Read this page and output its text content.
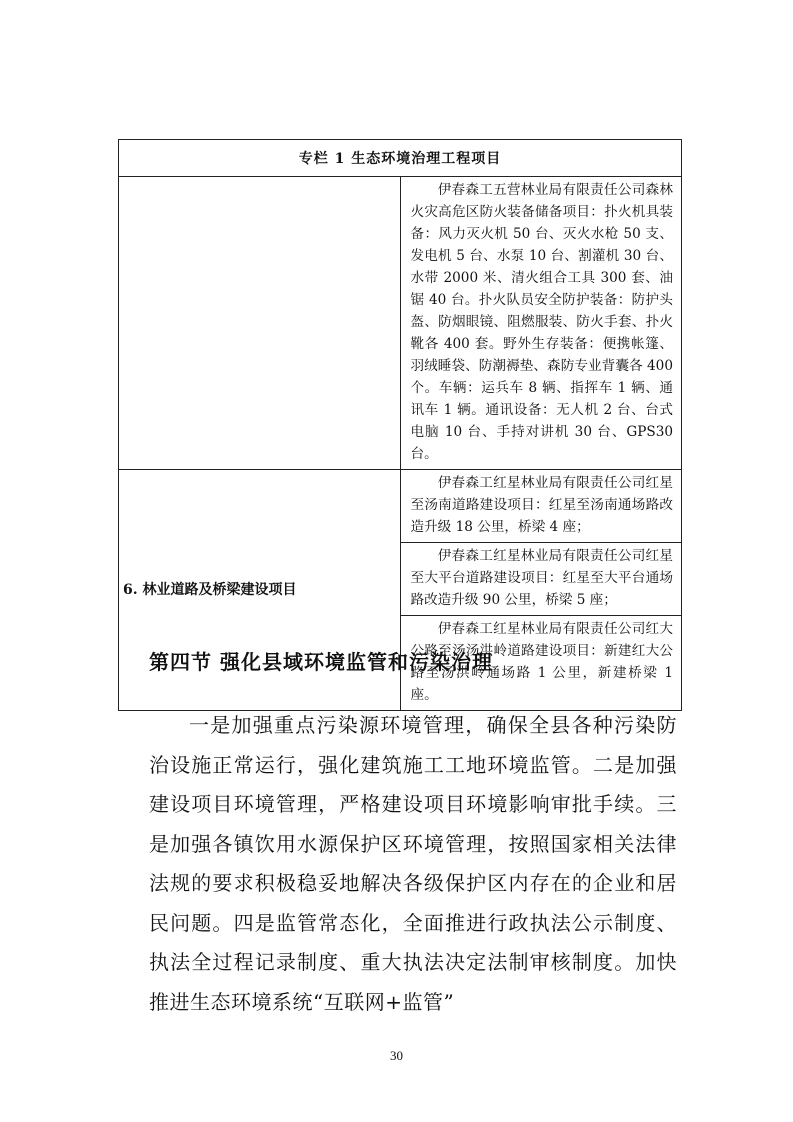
专栏 1 生态环境治理工程项目	
	伊春森工五营林业局有限责任公司森林火灾高危区防火装备储备项目：扑火机具装备：风力灭火机 50 台、灭火水枪 50 支、发电机 5 台、水泵 10 台、割灌机 30 台、水带 2000 米、清火组合工具 300 套、油锯 40 台。扑火队员安全防护装备：防护头盔、防烟眼镜、阻燃服装、防火手套、扑火靴各 400 套。野外生存装备：便携帐篷、羽绒睡袋、防潮褥垫、森防专业背囊各 400 个。车辆：运兵车 8 辆、指挥车 1 辆、通讯车 1 辆。通讯设备：无人机 2 台、台式电脑 10 台、手持对讲机 30 台、GPS30 台。
6. 林业道路及桥梁建设项目	伊春森工红星林业局有限责任公司红星至汤南道路建设项目：红星至汤南通场路改造升级 18 公里，桥梁 4 座；
	伊春森工红星林业局有限责任公司红星至大平台道路建设项目：红星至大平台通场路改造升级 90 公里，桥梁 5 座；
	伊春森工红星林业局有限责任公司红大公路至汤汤洪岭道路建设项目：新建红大公路至汤洪岭通场路 1 公里，新建桥梁 1 座。
第四节 强化县域环境监管和污染治理

一是加强重点污染源环境管理，确保全县各种污染防治设施正常运行，强化建筑施工工地环境监管。二是加强建设项目环境管理，严格建设项目环境影响审批手续。三是加强各镇饮用水源保护区环境管理，按照国家相关法律法规的要求积极稳妥地解决各级保护区内存在的企业和居民问题。四是监管常态化，全面推进行政执法公示制度、执法全过程记录制度、重大执法决定法制审核制度。加快推进生态环境系统“互联网+监管”

30
